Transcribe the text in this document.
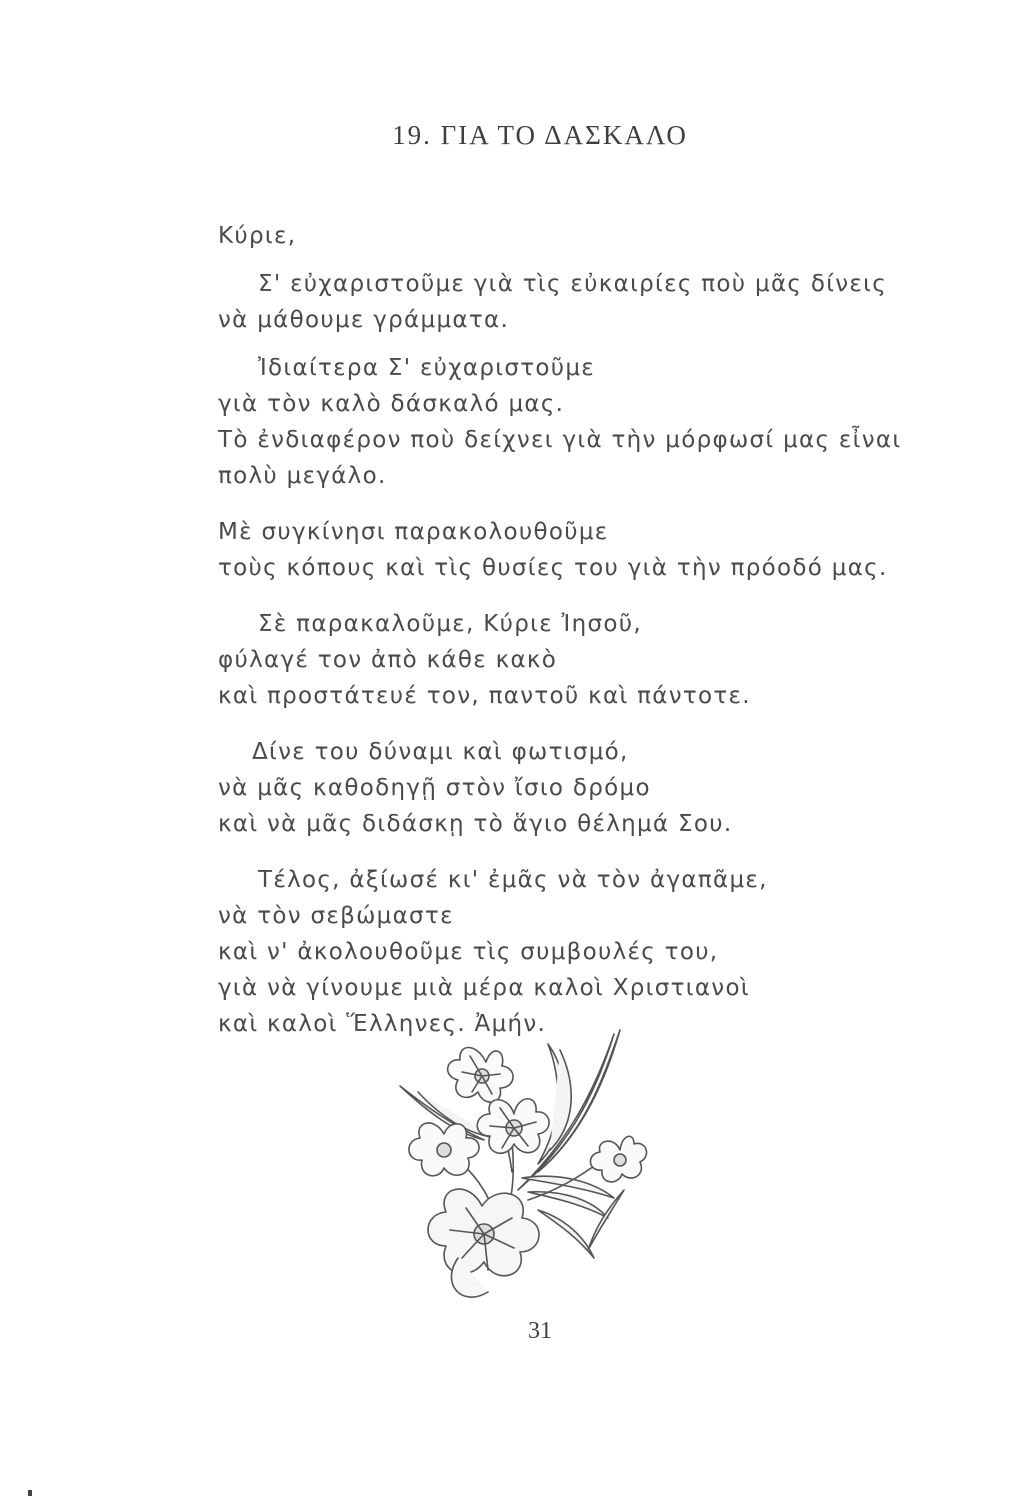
19. ΓΙΑ ΤΟ ΔΑΣΚΑΛΟ
Κύριε,
Σ' εὐχαριστοῦμε γιὰ τὶς εὐκαιρίες ποὺ μᾶς δίνεις
νὰ μάθουμε γράμματα.
Ἰδιαίτερα Σ' εὐχαριστοῦμε
γιὰ τὸν καλὸ δάσκαλό μας.
Τὸ ἐνδιαφέρον ποὺ δείχνει γιὰ τὴν μόρφωσί μας εἶναι
πολὺ μεγάλο.
Μὲ συγκίνησι παρακολουθοῦμε
τοὺς κόπους καὶ τὶς θυσίες του γιὰ τὴν πρόοδό μας.
Σὲ παρακαλοῦμε, Κύριε Ἰησοῦ,
φύλαγέ τον ἀπὸ κάθε κακὸ
καὶ προστάτευέ τον, παντοῦ καὶ πάντοτε.
Δίνε του δύναμι καὶ φωτισμό,
νὰ μᾶς καθοδηγῇ στὸν ἴσιο δρόμο
καὶ νὰ μᾶς διδάσκῃ τὸ ἅγιο θέλημά Σου.
Τέλος, ἀξίωσέ κι' ἐμᾶς νὰ τὸν ἀγαπᾶμε,
νὰ τὸν σεβώμαστε
καὶ ν' ἀκολουθοῦμε τὶς συμβουλές του,
γιὰ νὰ γίνουμε μιὰ μέρα καλοὶ Χριστιανοὶ
καὶ καλοὶ Ἕλληνες. Ἀμήν.
31
